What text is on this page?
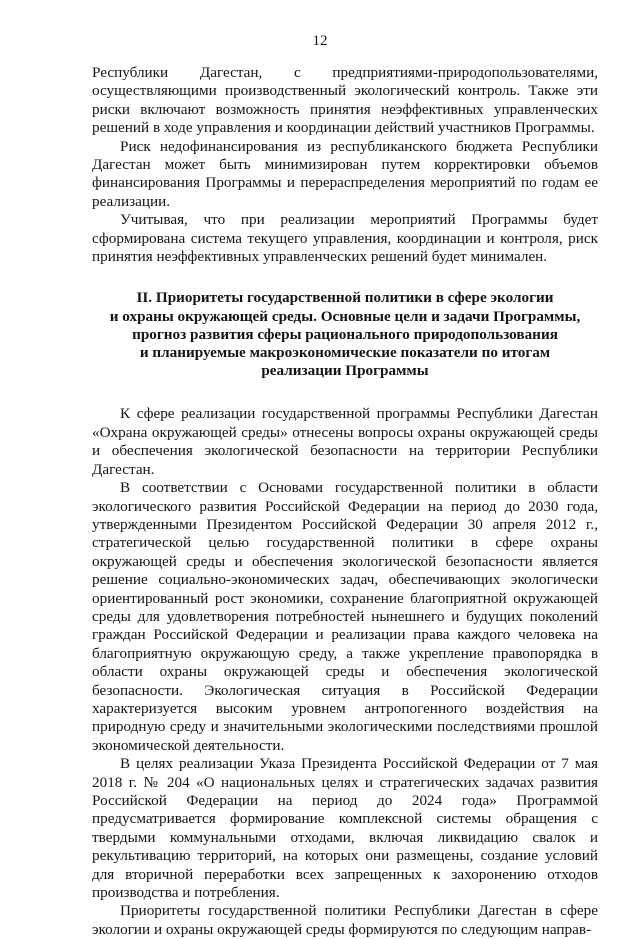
12

Республики Дагестан, с предприятиями-природопользователями, осуществляющими производственный экологический контроль. Также эти риски включают возможность принятия неэффективных управленческих решений в ходе управления и координации действий участников Программы.

Риск недофинансирования из республиканского бюджета Республики Дагестан может быть минимизирован путем корректировки объемов финансирования Программы и перераспределения мероприятий по годам ее реализации.

Учитывая, что при реализации мероприятий Программы будет сформирована система текущего управления, координации и контроля, риск принятия неэффективных управленческих решений будет минимален.

II. Приоритеты государственной политики в сфере экологии
и охраны окружающей среды. Основные цели и задачи Программы,
прогноз развития сферы рационального природопользования
и планируемые макроэкономические показатели по итогам
реализации Программы

К сфере реализации государственной программы Республики Дагестан «Охрана окружающей среды» отнесены вопросы охраны окружающей среды и обеспечения экологической безопасности на территории Республики Дагестан.

В соответствии с Основами государственной политики в области экологического развития Российской Федерации на период до 2030 года, утвержденными Президентом Российской Федерации 30 апреля 2012 г., стратегической целью государственной политики в сфере охраны окружающей среды и обеспечения экологической безопасности является решение социально-экономических задач, обеспечивающих экологически ориентированный рост экономики, сохранение благоприятной окружающей среды для удовлетворения потребностей нынешнего и будущих поколений граждан Российской Федерации и реализации права каждого человека на благоприятную окружающую среду, а также укрепление правопорядка в области охраны окружающей среды и обеспечения экологической безопасности. Экологическая ситуация в Российской Федерации характеризуется высоким уровнем антропогенного воздействия на природную среду и значительными экологическими последствиями прошлой экономической деятельности.

В целях реализации Указа Президента Российской Федерации от 7 мая 2018 г. № 204 «О национальных целях и стратегических задачах развития Российской Федерации на период до 2024 года» Программой предусматривается формирование комплексной системы обращения с твердыми коммунальными отходами, включая ликвидацию свалок и рекультивацию территорий, на которых они размещены, создание условий для вторичной переработки всех запрещенных к захоронению отходов производства и потребления.

Приоритеты государственной политики Республики Дагестан в сфере экологии и охраны окружающей среды формируются по следующим направ-
